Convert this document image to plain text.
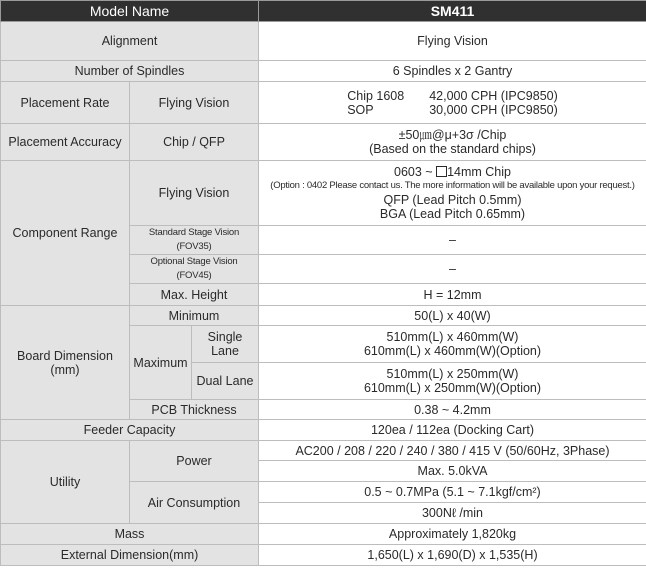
Model Name			SM411
Alignment			Flying Vision
Number of Spindles			6 Spindles x 2 Gantry
Placement Rate	Flying Vision		Chip 1608 42,000 CPH (IPC9850)
SOP 30,000 CPH (IPC9850)

Placement Accuracy	Chip / QFP		±50㎛@μ+3σ /Chip
(Based on the standard chips)

Component Range	Flying Vision		0603 ~ 14mm Chip
(Option : 0402 Please contact us. The more information will be available upon your request.)
QFP (Lead Pitch 0.5mm)
BGA (Lead Pitch 0.65mm)

	Standard Stage Vision (FOV35)		–
	Optional Stage Vision (FOV45)		–
	Max. Height		H = 12mm

Board Dimension
(mm)	Minimum		50(L) x 40(W)
	Maximum	Single Lane	510mm(L) x 460mm(W)
610mm(L) x 460mm(W)(Option)

		Dual Lane	510mm(L) x 250mm(W)
610mm(L) x 250mm(W)(Option)

	PCB Thickness		0.38 ~ 4.2mm
Feeder Capacity			120ea / 112ea (Docking Cart)
Utility	Power		AC200 / 208 / 220 / 240 / 380 / 415 V (50/60Hz, 3Phase)
			Max. 5.0kVA
	Air Consumption		0.5 ~ 0.7MPa (5.1 ~ 7.1kgf/cm²)
			300Nℓ /min
Mass			Approximately 1,820kg
External Dimension(mm)			1,650(L) x 1,690(D) x 1,535(H)
